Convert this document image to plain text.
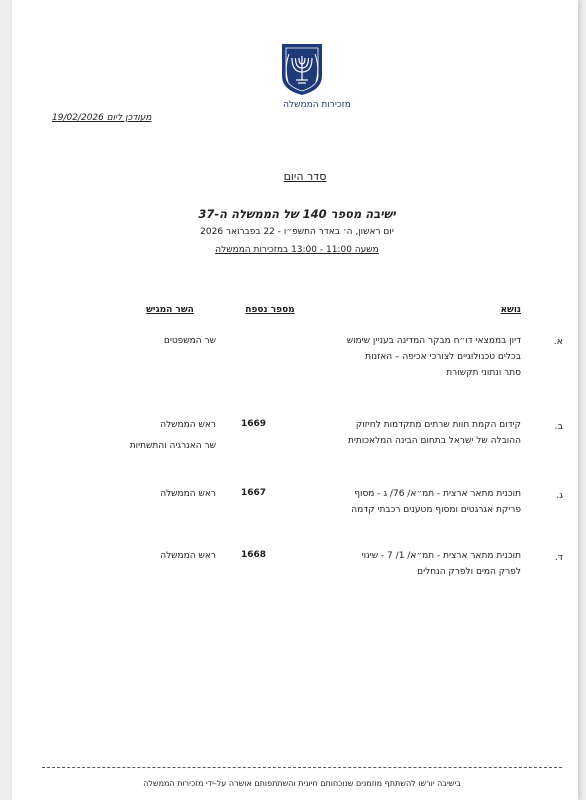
מזכירות הממשלה
מעודכן ליום 19/02/2026
סדר היום
ישיבה מספר 140 של הממשלה ה-37
יום ראשון, ה׳ באדר התשפ״ו - 22 בפברואר 2026
משעה 11:00 - 13:00 במזכירות הממשלה
נושא
מספר נספח
השר המגיש
א.
דיון בממצאי דו״ח מבקר המדינה בעניין שימוש
בכלים טכנולוגיים לצורכי אכיפה – האזנות
סתר ונתוני תקשורת
שר המשפטים
ב.
קידום הקמת חוות שרתים מתקדמות לחיזוק
ההובלה של ישראל בתחום הבינה המלאכותית
1669
ראש הממשלה
שר האנרגיה והתשתיות
ג.
תוכנית מתאר ארצית - תמ״א/ 76/ ג - מסוף
פריקת אגרגטים ומסוף מטענים רכבתי קדמה
1667
ראש הממשלה
ד.
תוכנית מתאר ארצית - תמ״א/ 1/ 7 - שינוי
לפרק המים ולפרק הנחלים
1668
ראש הממשלה
בישיבה יורשו להשתתף מוזמנים שנוכחותם חיונית והשתתפותם אושרה על-ידי מזכירות הממשלה
